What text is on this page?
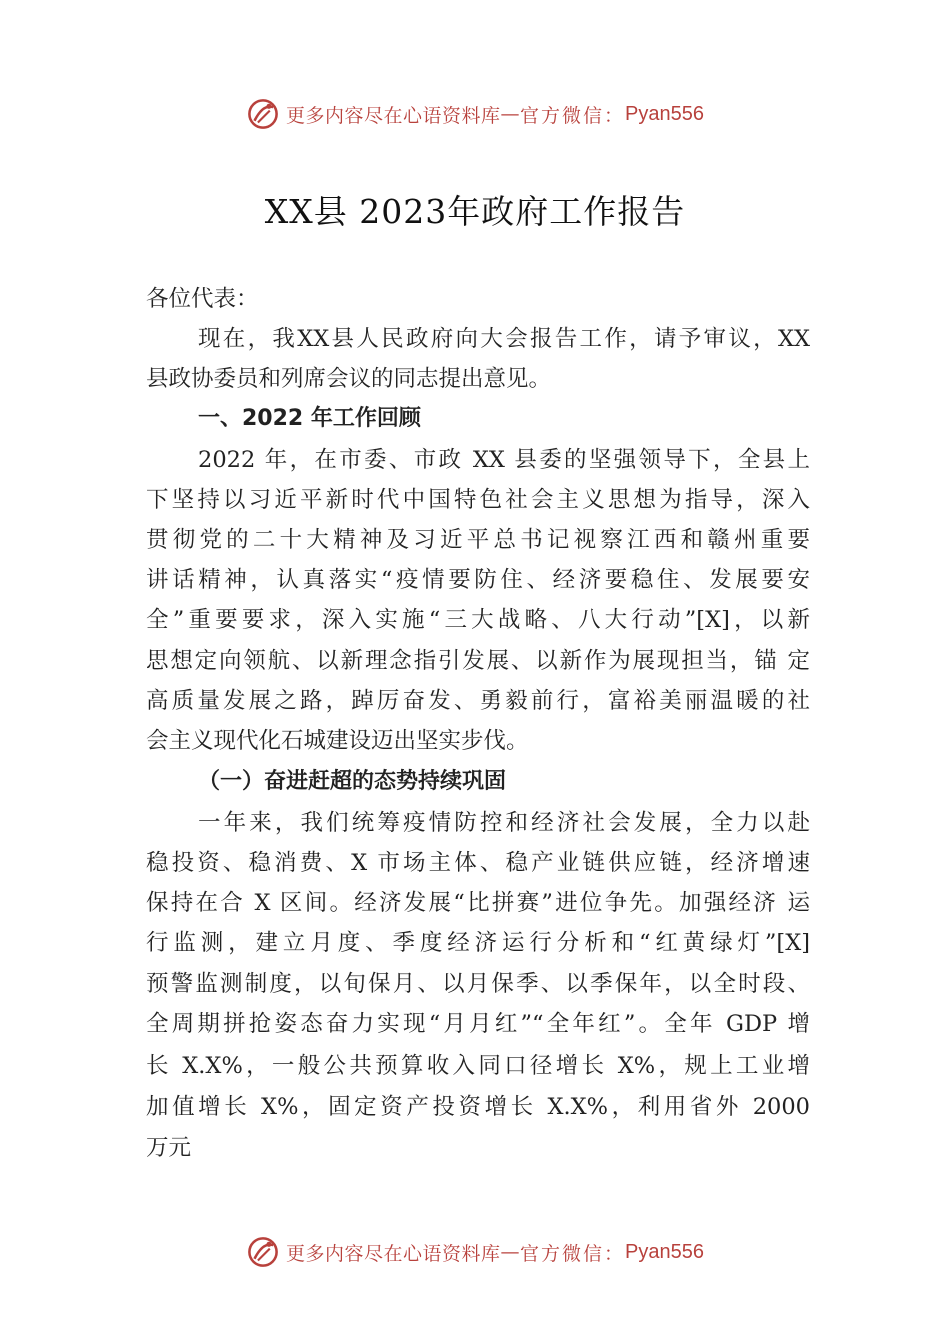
更多内容尽在心语资料库 — 官方微信： Pyan556
XX县 2023年政府工作报告
各位代表：
现在，我XX县人民政府向大会报告工作，请予审议，XX
县政协委员和列席会议的同志提出意见。
一、2022 年工作回顾
2022 年，在市委、市政 XX 县委的坚强领导下，全县上
下坚持以习近平新时代中国特色社会主义思想为指导，深入
贯彻党的二十大精神及习近平总书记视察江西和赣州重要
讲话精神，认真落实“疫情要防住、经济要稳住、发展要安
全”重要要求，深入实施“三大战略、八大行动”[X]，以新
思想定向领航、以新理念指引发展、以新作为展现担当，锚 定
高质量发展之路，踔厉奋发、勇毅前行，富裕美丽温暖的社
会主义现代化石城建设迈出坚实步伐。
（一）奋进赶超的态势持续巩固
一年来，我们统筹疫情防控和经济社会发展，全力以赴
稳投资、稳消费、X 市场主体、稳产业链供应链，经济增速
保持在合 X 区间。经济发展“比拼赛”进位争先。加强经济 运
行监测，建立月度、季度经济运行分析和“红黄绿灯”[X]
预警监测制度，以旬保月、以月保季、以季保年，以全时段、
全周期拼抢姿态奋力实现“月月红”“全年红”。全年 GDP 增
长 X.X%，一般公共预算收入同口径增长 X%，规上工业增
加值增长 X%，固定资产投资增长 X.X%，利用省外 2000
万元
更多内容尽在心语资料库 — 官方微信： Pyan556
